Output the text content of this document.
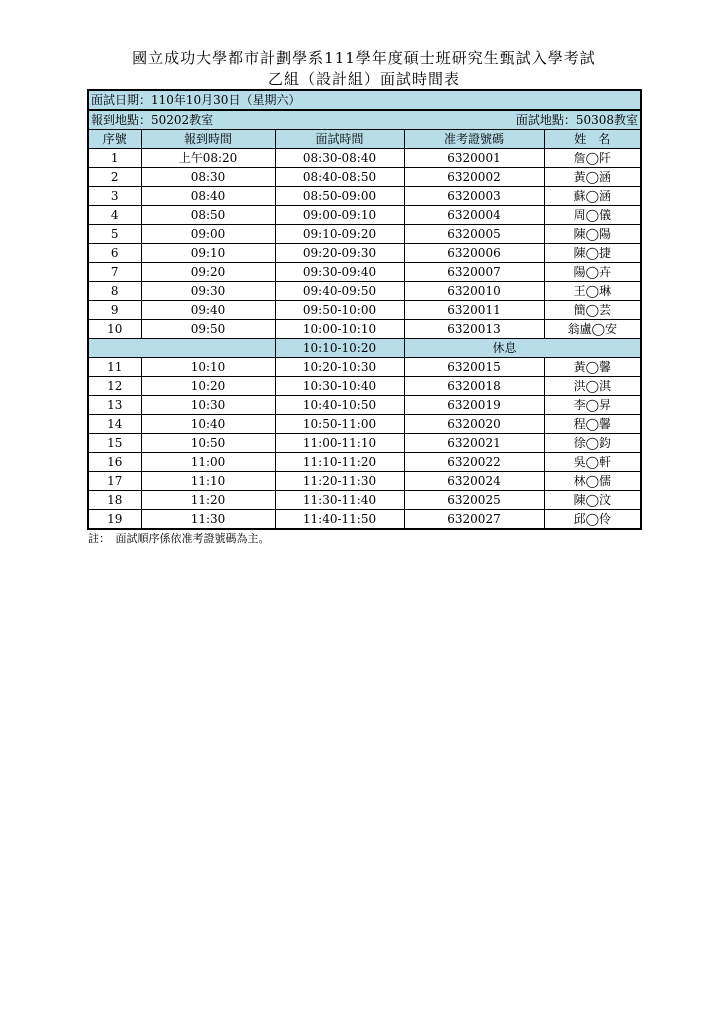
國立成功大學都市計劃學系111學年度碩士班研究生甄試入學考試
乙組（設計組）面試時間表
面試日期：110年10月30日（星期六）				

報到地點：50202教室 面試地點：50308教室				

序號	報到時間	面試時間	准考證號碼	姓　名
1	上午08:20	08:30-08:40	6320001	詹◯阡
2	08:30	08:40-08:50	6320002	黃◯涵
3	08:40	08:50-09:00	6320003	蘇◯涵
4	08:50	09:00-09:10	6320004	周◯儀
5	09:00	09:10-09:20	6320005	陳◯陽
6	09:10	09:20-09:30	6320006	陳◯捷
7	09:20	09:30-09:40	6320007	陽◯卉
8	09:30	09:40-09:50	6320010	王◯琳
9	09:40	09:50-10:00	6320011	簡◯芸
10	09:50	10:00-10:10	6320013	翁盧◯安
		10:10-10:20	休息	
11	10:10	10:20-10:30	6320015	黃◯馨
12	10:20	10:30-10:40	6320018	洪◯淇
13	10:30	10:40-10:50	6320019	李◯昇
14	10:40	10:50-11:00	6320020	程◯馨
15	10:50	11:00-11:10	6320021	徐◯鈞
16	11:00	11:10-11:20	6320022	吳◯軒
17	11:10	11:20-11:30	6320024	林◯儒
18	11:20	11:30-11:40	6320025	陳◯汶
19	11:30	11:40-11:50	6320027	邱◯伶
註：　面試順序係依准考證號碼為主。
